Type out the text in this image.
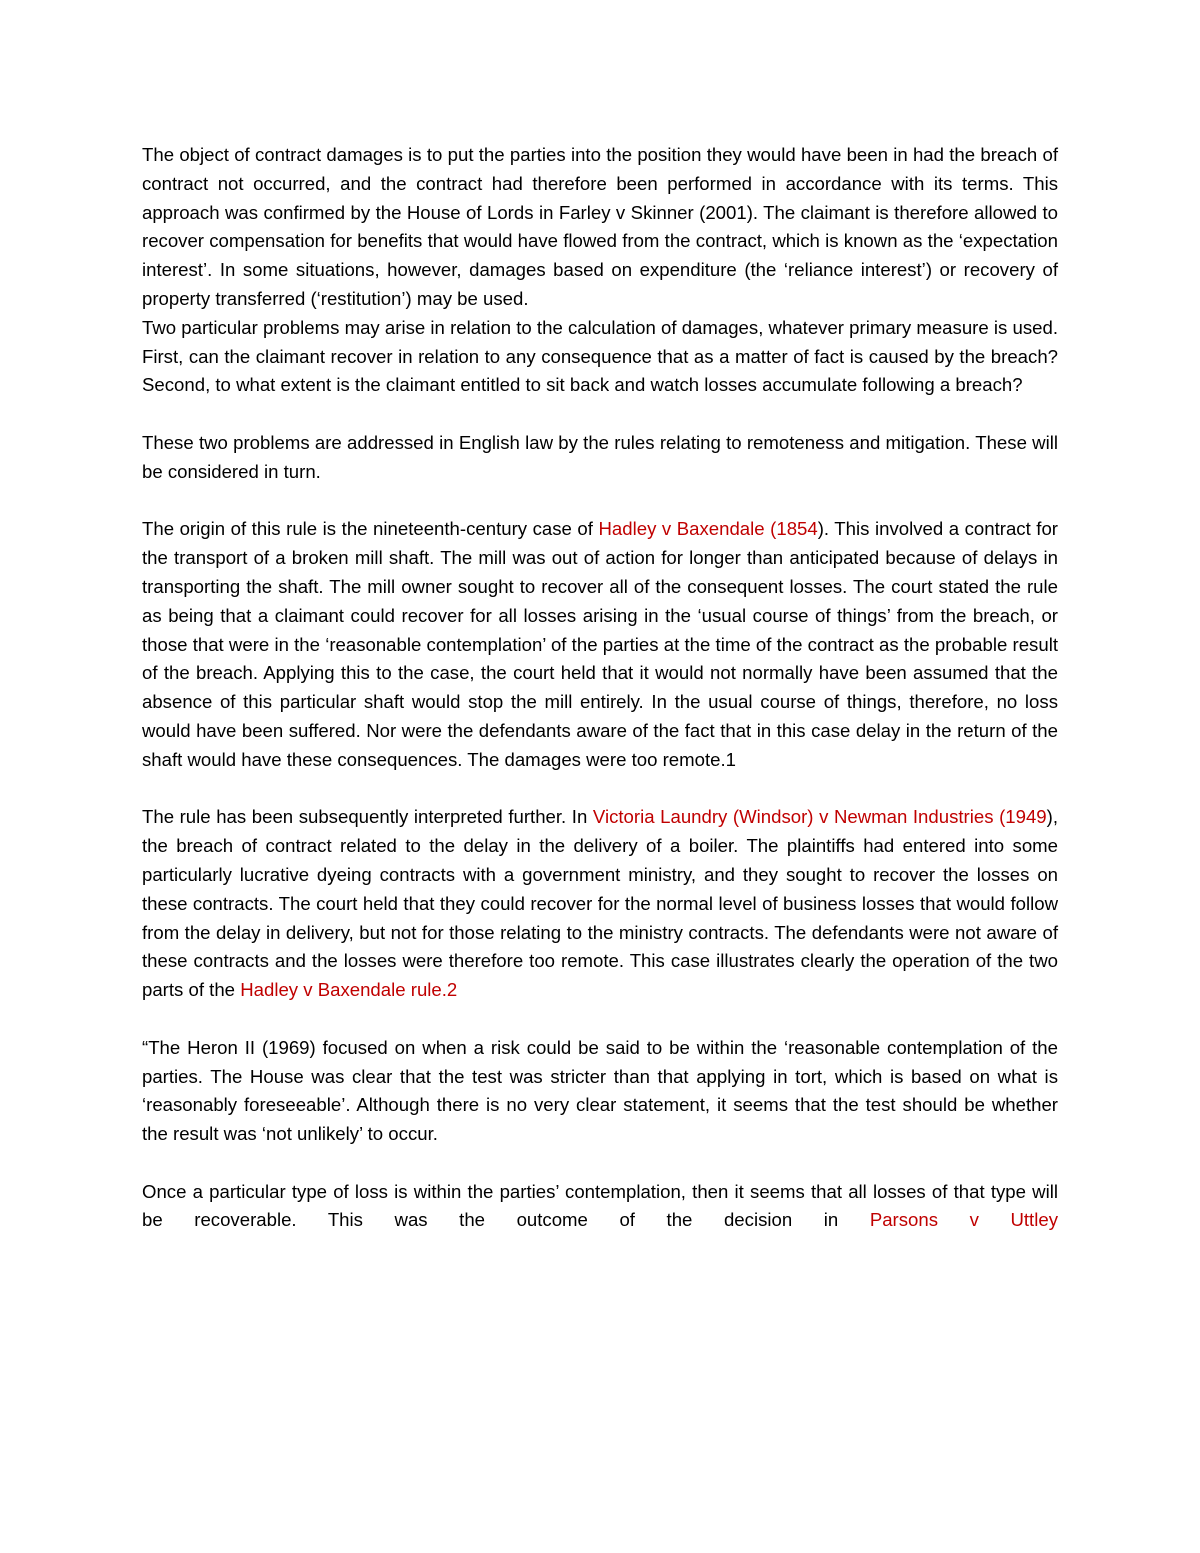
The object of contract damages is to put the parties into the position they would have been in had the breach of contract not occurred, and the contract had therefore been performed in accordance with its terms. This approach was confirmed by the House of Lords in Farley v Skinner (2001). The claimant is therefore allowed to recover compensation for benefits that would have flowed from the contract, which is known as the ‘expectation interest’. In some situations, however, damages based on expenditure (the ‘reliance interest’) or recovery of property transferred (‘restitution’) may be used.

Two particular problems may arise in relation to the calculation of damages, whatever primary measure is used. First, can the claimant recover in relation to any consequence that as a matter of fact is caused by the breach? Second, to what extent is the claimant entitled to sit back and watch losses accumulate following a breach?

These two problems are addressed in English law by the rules relating to remoteness and mitigation. These will be considered in turn.

The origin of this rule is the nineteenth-century case of Hadley v Baxendale (1854). This involved a contract for the transport of a broken mill shaft. The mill was out of action for longer than anticipated because of delays in transporting the shaft. The mill owner sought to recover all of the consequent losses. The court stated the rule as being that a claimant could recover for all losses arising in the ‘usual course of things’ from the breach, or those that were in the ‘reasonable contemplation’ of the parties at the time of the contract as the probable result of the breach. Applying this to the case, the court held that it would not normally have been assumed that the absence of this particular shaft would stop the mill entirely. In the usual course of things, therefore, no loss would have been suffered. Nor were the defendants aware of the fact that in this case delay in the return of the shaft would have these consequences. The damages were too remote.1

The rule has been subsequently interpreted further. In Victoria Laundry (Windsor) v Newman Industries (1949), the breach of contract related to the delay in the delivery of a boiler. The plaintiffs had entered into some particularly lucrative dyeing contracts with a government ministry, and they sought to recover the losses on these contracts. The court held that they could recover for the normal level of business losses that would follow from the delay in delivery, but not for those relating to the ministry contracts. The defendants were not aware of these contracts and the losses were therefore too remote. This case illustrates clearly the operation of the two parts of the Hadley v Baxendale rule.2

“The Heron II (1969) focused on when a risk could be said to be within the ‘reasonable contemplation of the parties. The House was clear that the test was stricter than that applying in tort, which is based on what is ‘reasonably foreseeable’. Although there is no very clear statement, it seems that the test should be whether the result was ‘not unlikely’ to occur.

Once a particular type of loss is within the parties’ contemplation, then it seems that all losses of that type will be recoverable. This was the outcome of the decision in Parsons v Uttley
